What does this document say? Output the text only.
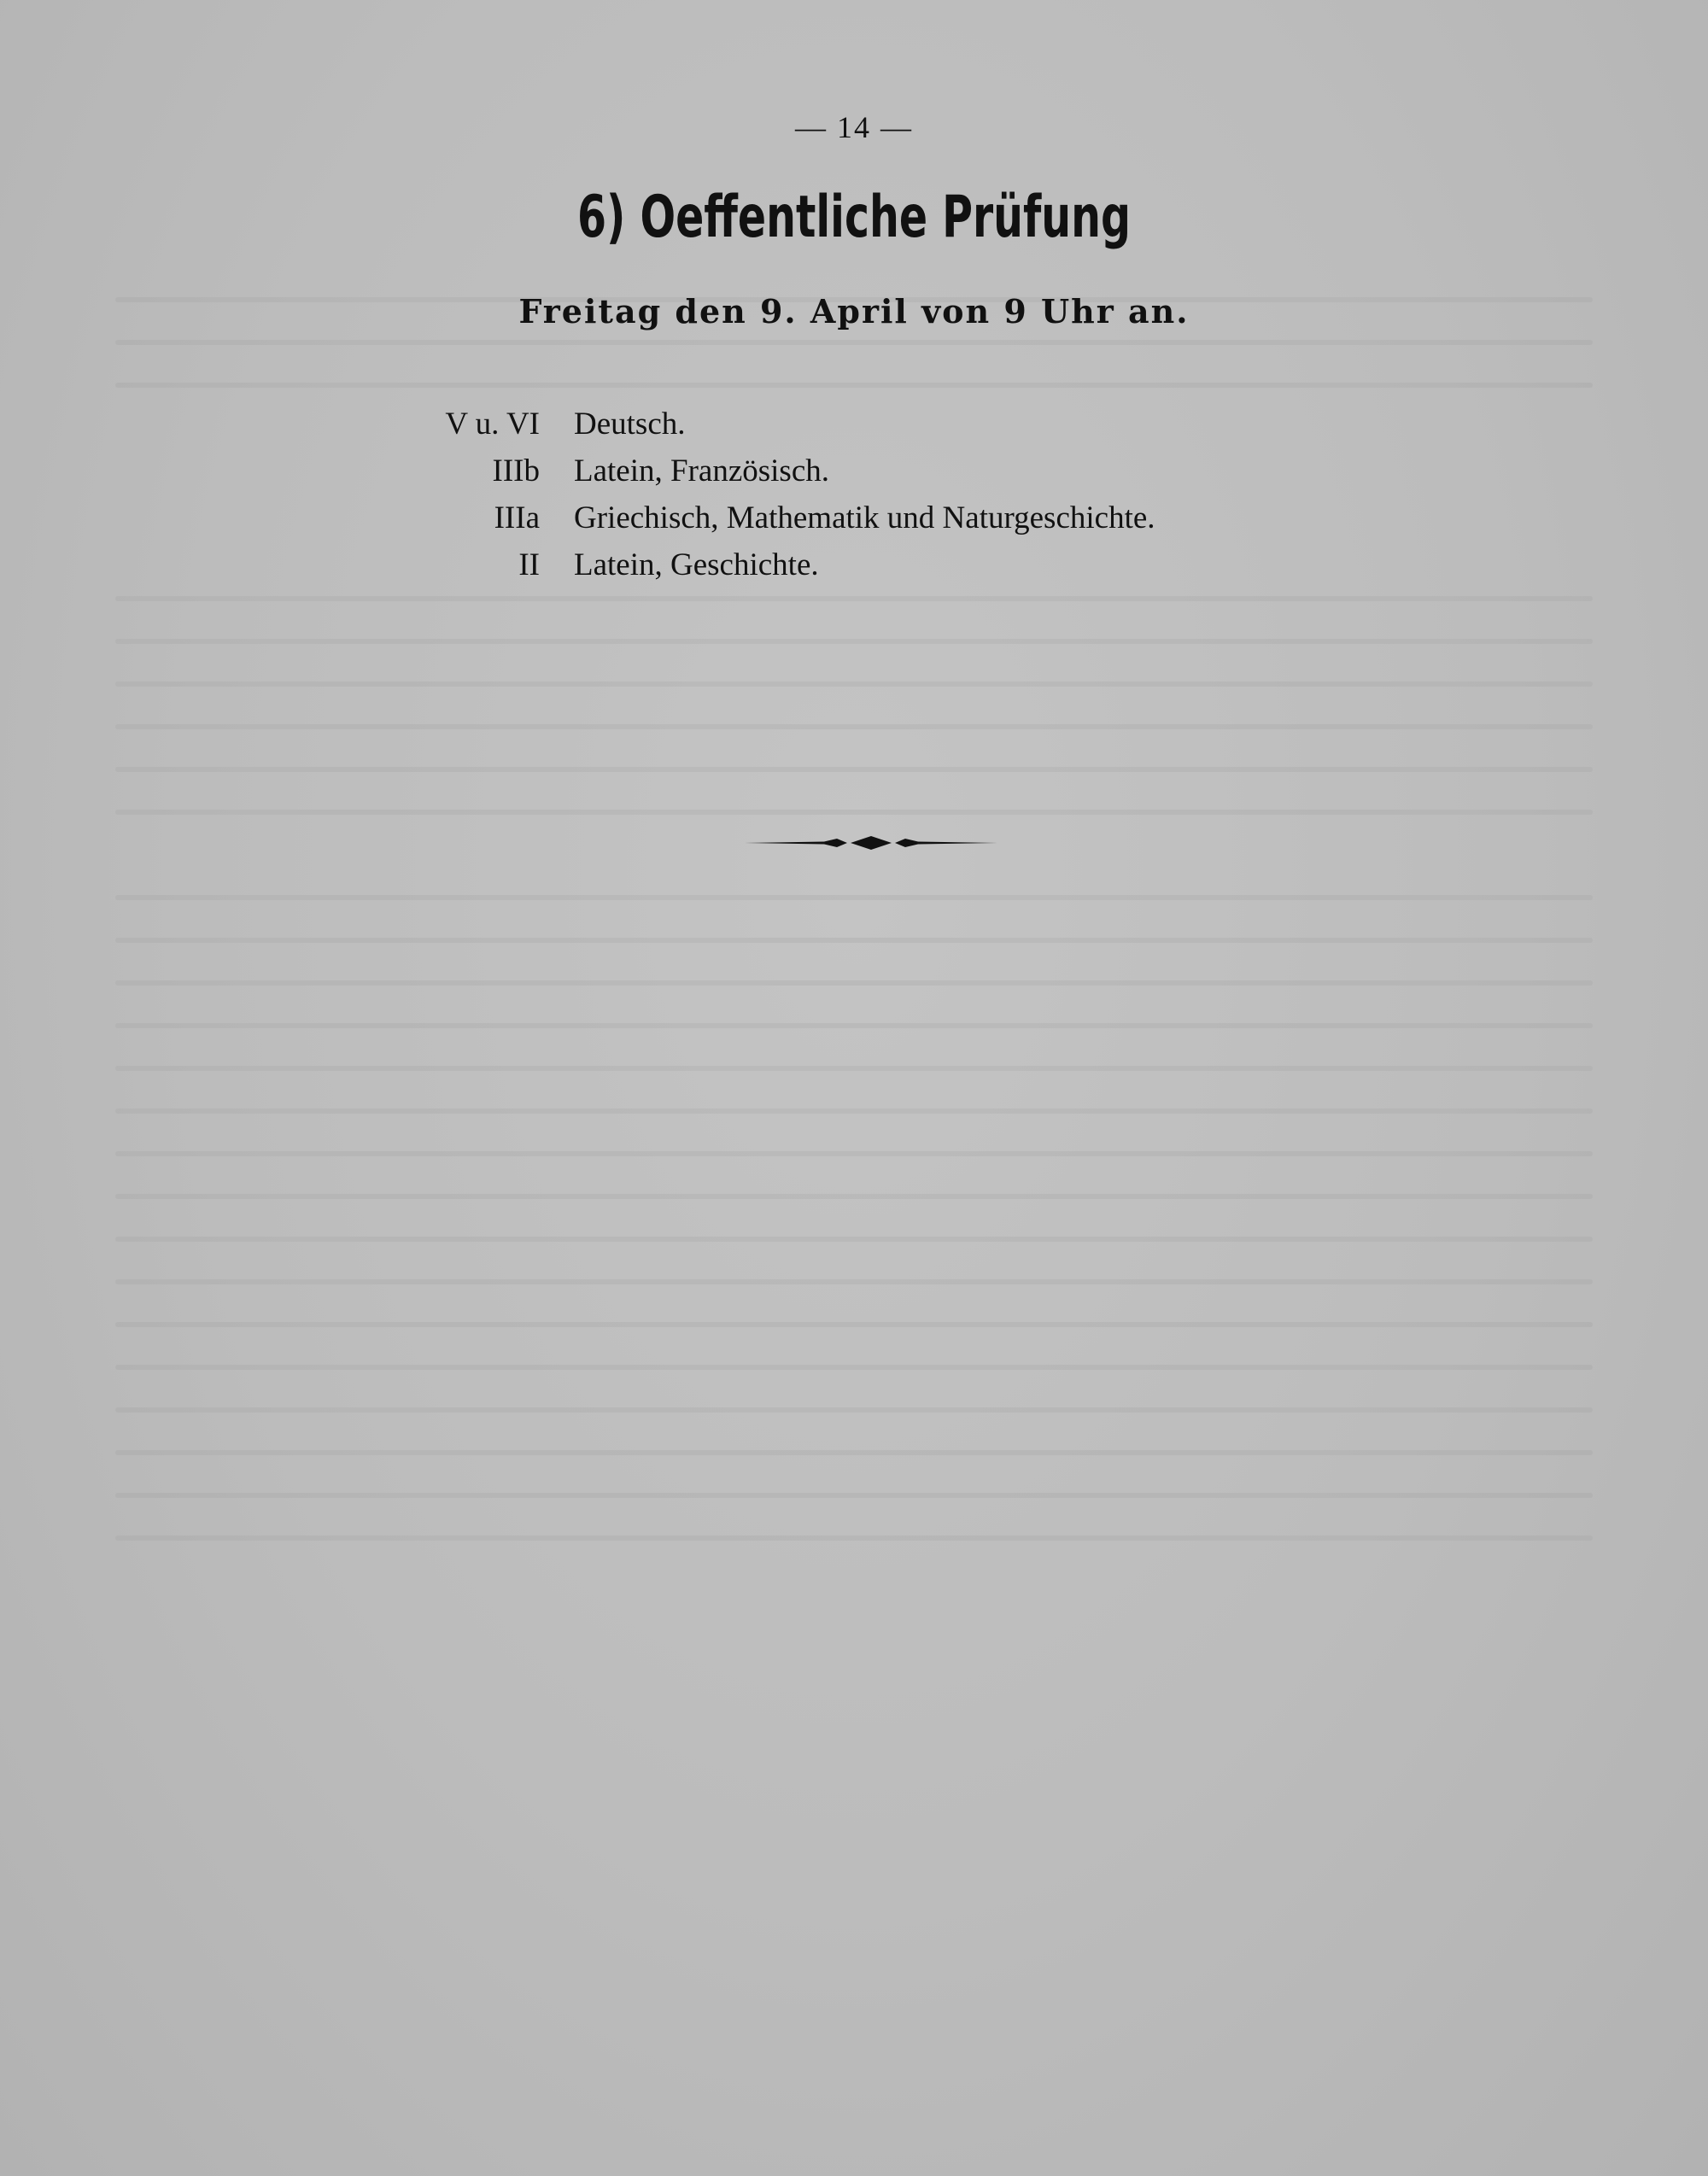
— 14 —
6) Oeffentliche Prüfung
Freitag den 9. April von 9 Uhr an.
V u. VI Deutsch.
IIIb Latein, Französisch.
IIIa Griechisch, Mathematik und Naturgeschichte.
II Latein, Geschichte.
